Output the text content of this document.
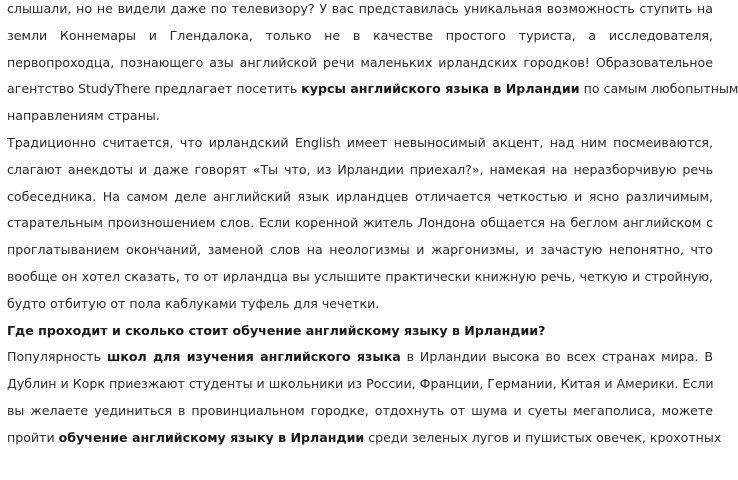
слышали, но не видели даже по телевизору? У вас представилась уникальная возможность ступить на
земли Коннемары и Глендалока, только не в качестве простого туриста, а исследователя,
первопроходца, познающего азы английской речи маленьких ирландских городков! Образовательное
агентство StudyThere предлагает посетить курсы английского языка в Ирландии по самым любопытным
направлениям страны.
Традиционно считается, что ирландский English имеет невыносимый акцент, над ним посмеиваются,
слагают анекдоты и даже говорят «Ты что, из Ирландии приехал?», намекая на неразборчивую речь
собеседника. На самом деле английский язык ирландцев отличается четкостью и ясно различимым,
старательным произношением слов. Если коренной житель Лондона общается на беглом английском с
проглатыванием окончаний, заменой слов на неологизмы и жаргонизмы, и зачастую непонятно, что
вообще он хотел сказать, то от ирландца вы услышите практически книжную речь, четкую и стройную,
будто отбитую от пола каблуками туфель для чечетки.
Где проходит и сколько стоит обучение английскому языку в Ирландии?
Популярность школ для изучения английского языка в Ирландии высока во всех странах мира. В
Дублин и Корк приезжают студенты и школьники из России, Франции, Германии, Китая и Америки. Если
вы желаете уединиться в провинциальном городке, отдохнуть от шума и суеты мегаполиса, можете
пройти обучение английскому языку в Ирландии среди зеленых лугов и пушистых овечек, крохотных
